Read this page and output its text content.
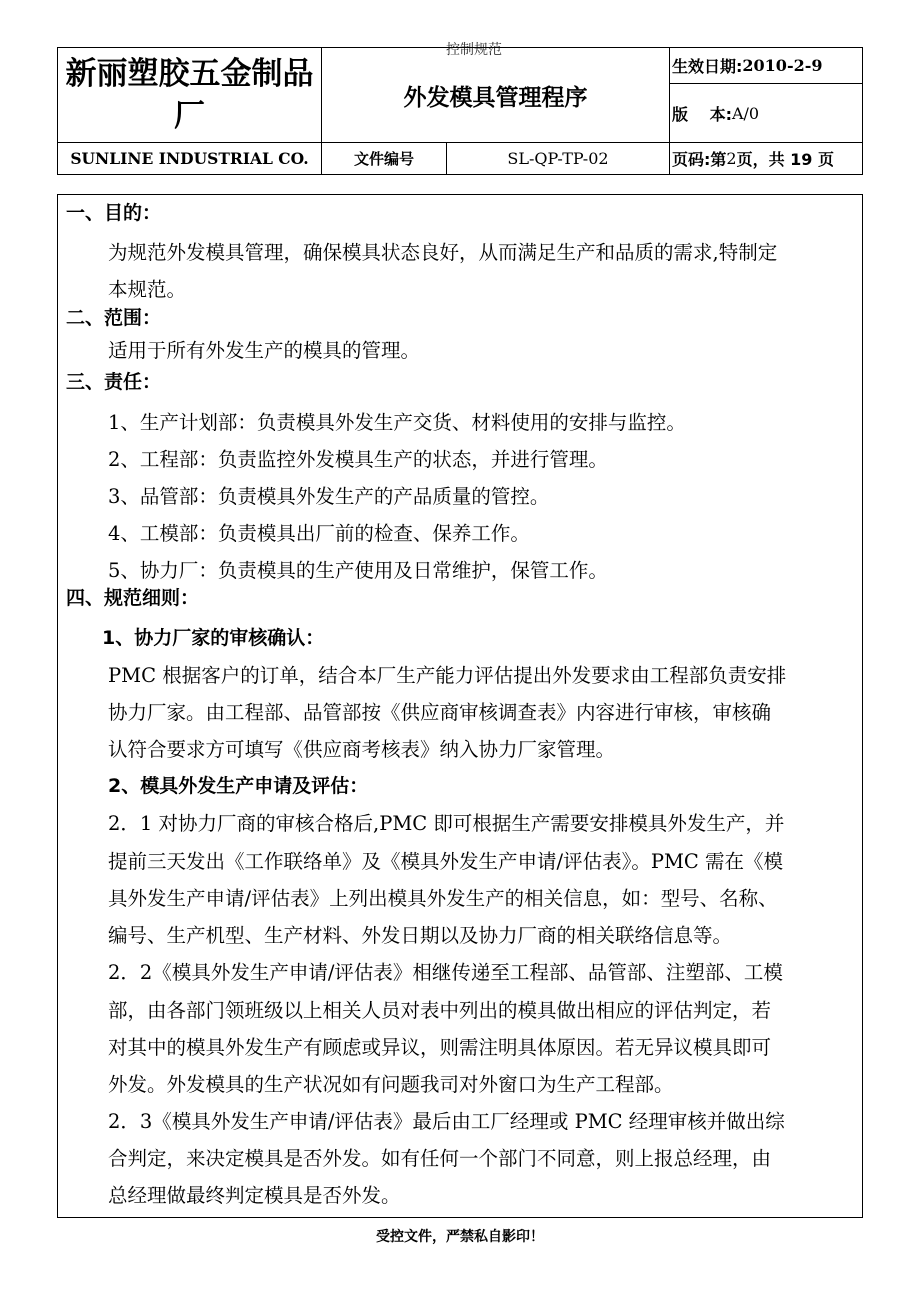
控制规范
新丽塑胶五金制品
厂
外发模具管理程序
生效日期: 2010-2-9
版　 本: A/0
SUNLINE INDUSTRIAL CO.	文件编号	SL-QP-TP-02	页码:第 2 页，共 19 页
一、目的：
为规范外发模具管理，确保模具状态良好，从而满足生产和品质的需求,特制定
本规范。
二、范围：
适用于所有外发生产的模具的管理。
三、责任：
1、生产计划部：负责模具外发生产交货、材料使用的安排与监控。
2、工程部：负责监控外发模具生产的状态，并进行管理。
3、品管部：负责模具外发生产的产品质量的管控。
4、工模部：负责模具出厂前的检查、保养工作。
5、协力厂：负责模具的生产使用及日常维护，保管工作。
四、规范细则：
1、协力厂家的审核确认：
PMC 根据客户的订单，结合本厂生产能力评估提出外发要求由工程部负责安排
协力厂家。由工程部、品管部按《供应商审核调查表》内容进行审核，审核确
认符合要求方可填写《供应商考核表》纳入协力厂家管理。
2、模具外发生产申请及评估：
2．1 对协力厂商的审核合格后,PMC 即可根据生产需要安排模具外发生产，并
提前三天发出《工作联络单》及《模具外发生产申请/评估表》。PMC 需在《模
具外发生产申请/评估表》上列出模具外发生产的相关信息，如：型号、名称、
编号、生产机型、生产材料、外发日期以及协力厂商的相关联络信息等。
2．2《模具外发生产申请/评估表》相继传递至工程部、品管部、注塑部、工模
部，由各部门领班级以上相关人员对表中列出的模具做出相应的评估判定，若
对其中的模具外发生产有顾虑或异议，则需注明具体原因。若无异议模具即可
外发。外发模具的生产状况如有问题我司对外窗口为生产工程部。
2．3《模具外发生产申请/评估表》最后由工厂经理或 PMC 经理审核并做出综
合判定，来决定模具是否外发。如有任何一个部门不同意，则上报总经理，由
总经理做最终判定模具是否外发。
受控文件，严禁私自影印！
